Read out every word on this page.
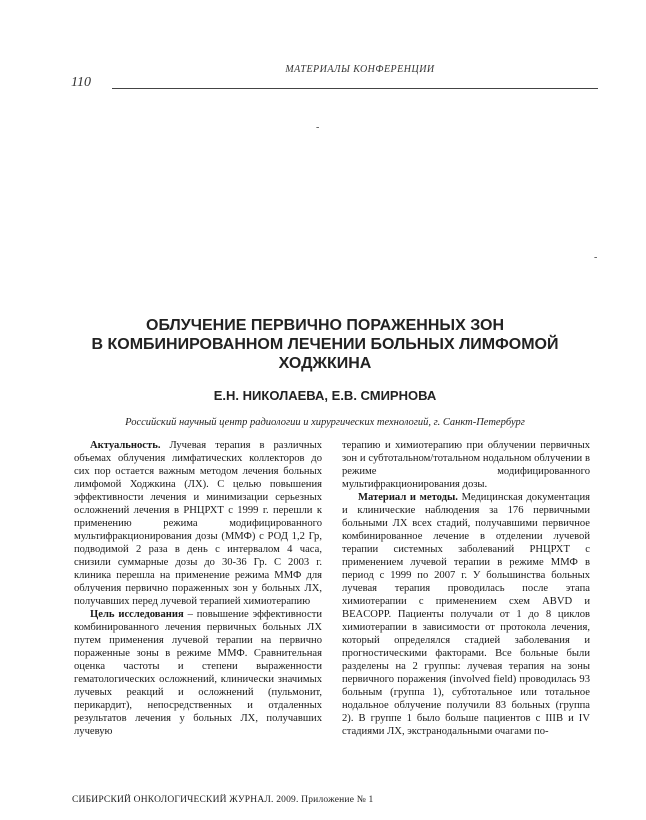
МАТЕРИАЛЫ КОНФЕРЕНЦИИ
110
-
-
ОБЛУЧЕНИЕ ПЕРВИЧНО ПОРАЖЕННЫХ ЗОН
В КОМБИНИРОВАННОМ ЛЕЧЕНИИ БОЛЬНЫХ ЛИМФОМОЙ
ХОДЖКИНА
Е.Н. НИКОЛАЕВА, Е.В. СМИРНОВА
Российский научный центр радиологии и хирургических технологий, г. Санкт-Петербург

Актуальность. Лучевая терапия в различных объемах облучения лимфатических коллекторов до сих пор остается важным методом лечения больных лимфомой Ходжкина (ЛХ). С целью повышения эффективности лечения и минимизации серьезных осложнений лечения в РНЦРХТ с 1999 г. перешли к применению режима модифицированного мультифракционирования дозы (ММФ) с РОД 1,2 Гр, подводимой 2 раза в день с интервалом 4 часа, снизили суммарные дозы до 30-36 Гр. С 2003 г. клиника перешла на применение режима ММФ для облучения первично пораженных зон у больных ЛХ, получавших перед лучевой терапией химиотерапию

Цель исследования – повышение эффективности комбинированного лечения первичных больных ЛХ путем применения лучевой терапии на первично пораженные зоны в режиме ММФ. Сравнительная оценка частоты и степени выраженности гематологических осложнений, клинически значимых лучевых реакций и осложнений (пульмонит, перикардит), непосредственных и отдаленных результатов лечения у больных ЛХ, получавших лучевую

терапию и химиотерапию при облучении первичных зон и субтотальном/тотальном нодальном облучении в режиме модифицированного мультифракционирования дозы.

Материал и методы. Медицинская документация и клинические наблюдения за 176 первичными больными ЛХ всех стадий, получавшими первичное комбинированное лечение в отделении лучевой терапии системных заболеваний РНЦРХТ с применением лучевой терапии в режиме ММФ в период с 1999 по 2007 г. У большинства больных лучевая терапия проводилась после этапа химиотерапии с применением схем ABVD и BEACOPP. Пациенты получали от 1 до 8 циклов химиотерапии в зависимости от протокола лечения, который определялся стадией заболевания и прогностическими факторами. Все больные были разделены на 2 группы: лучевая терапия на зоны первичного поражения (involved field) проводилась 93 больным (группа 1), субтотальное или тотальное нодальное облучение получили 83 больных (группа 2). В группе 1 было больше пациентов с IIIB и IV стадиями ЛХ, экстранодальными очагами по-

СИБИРСКИЙ ОНКОЛОГИЧЕСКИЙ ЖУРНАЛ. 2009. Приложение № 1
